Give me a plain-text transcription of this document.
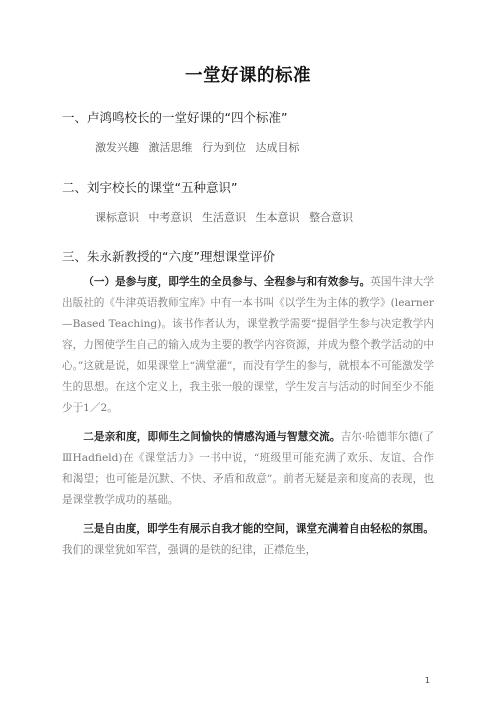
一堂好课的标准
一、卢鸿鸣校长的一堂好课的“四个标准”
激发兴趣 激活思维 行为到位 达成目标
二、刘宇校长的课堂“五种意识”
课标意识 中考意识 生活意识 生本意识 整合意识
三、朱永新教授的“六度”理想课堂评价

（一）是参与度，即学生的全员参与、全程参与和有效参与。英国牛津大学出版社的《牛津英语教师宝库》中有一本书叫《以学生为主体的教学》(learner—Based Teaching)。该书作者认为，课堂教学需要“提倡学生参与决定教学内容，力图使学生自己的输入成为主要的教学内容资源，并成为整个教学活动的中心。”这就是说，如果课堂上“满堂灌”，而没有学生的参与，就根本不可能激发学生的思想。在这个定义上，我主张一般的课堂，学生发言与活动的时间至少不能少于1／2。

二是亲和度，即师生之间愉快的情感沟通与智慧交流。吉尔·哈德菲尔德(了ⅢHadfield)在《课堂活力》一书中说，“班级里可能充满了欢乐、友谊、合作和渴望；也可能是沉默、不快、矛盾和敌意”。前者无疑是亲和度高的表现，也是课堂教学成功的基础。

三是自由度，即学生有展示自我才能的空间，课堂充满着自由轻松的氛围。我们的课堂犹如军营，强调的是铁的纪律，正襟危坐，

1
